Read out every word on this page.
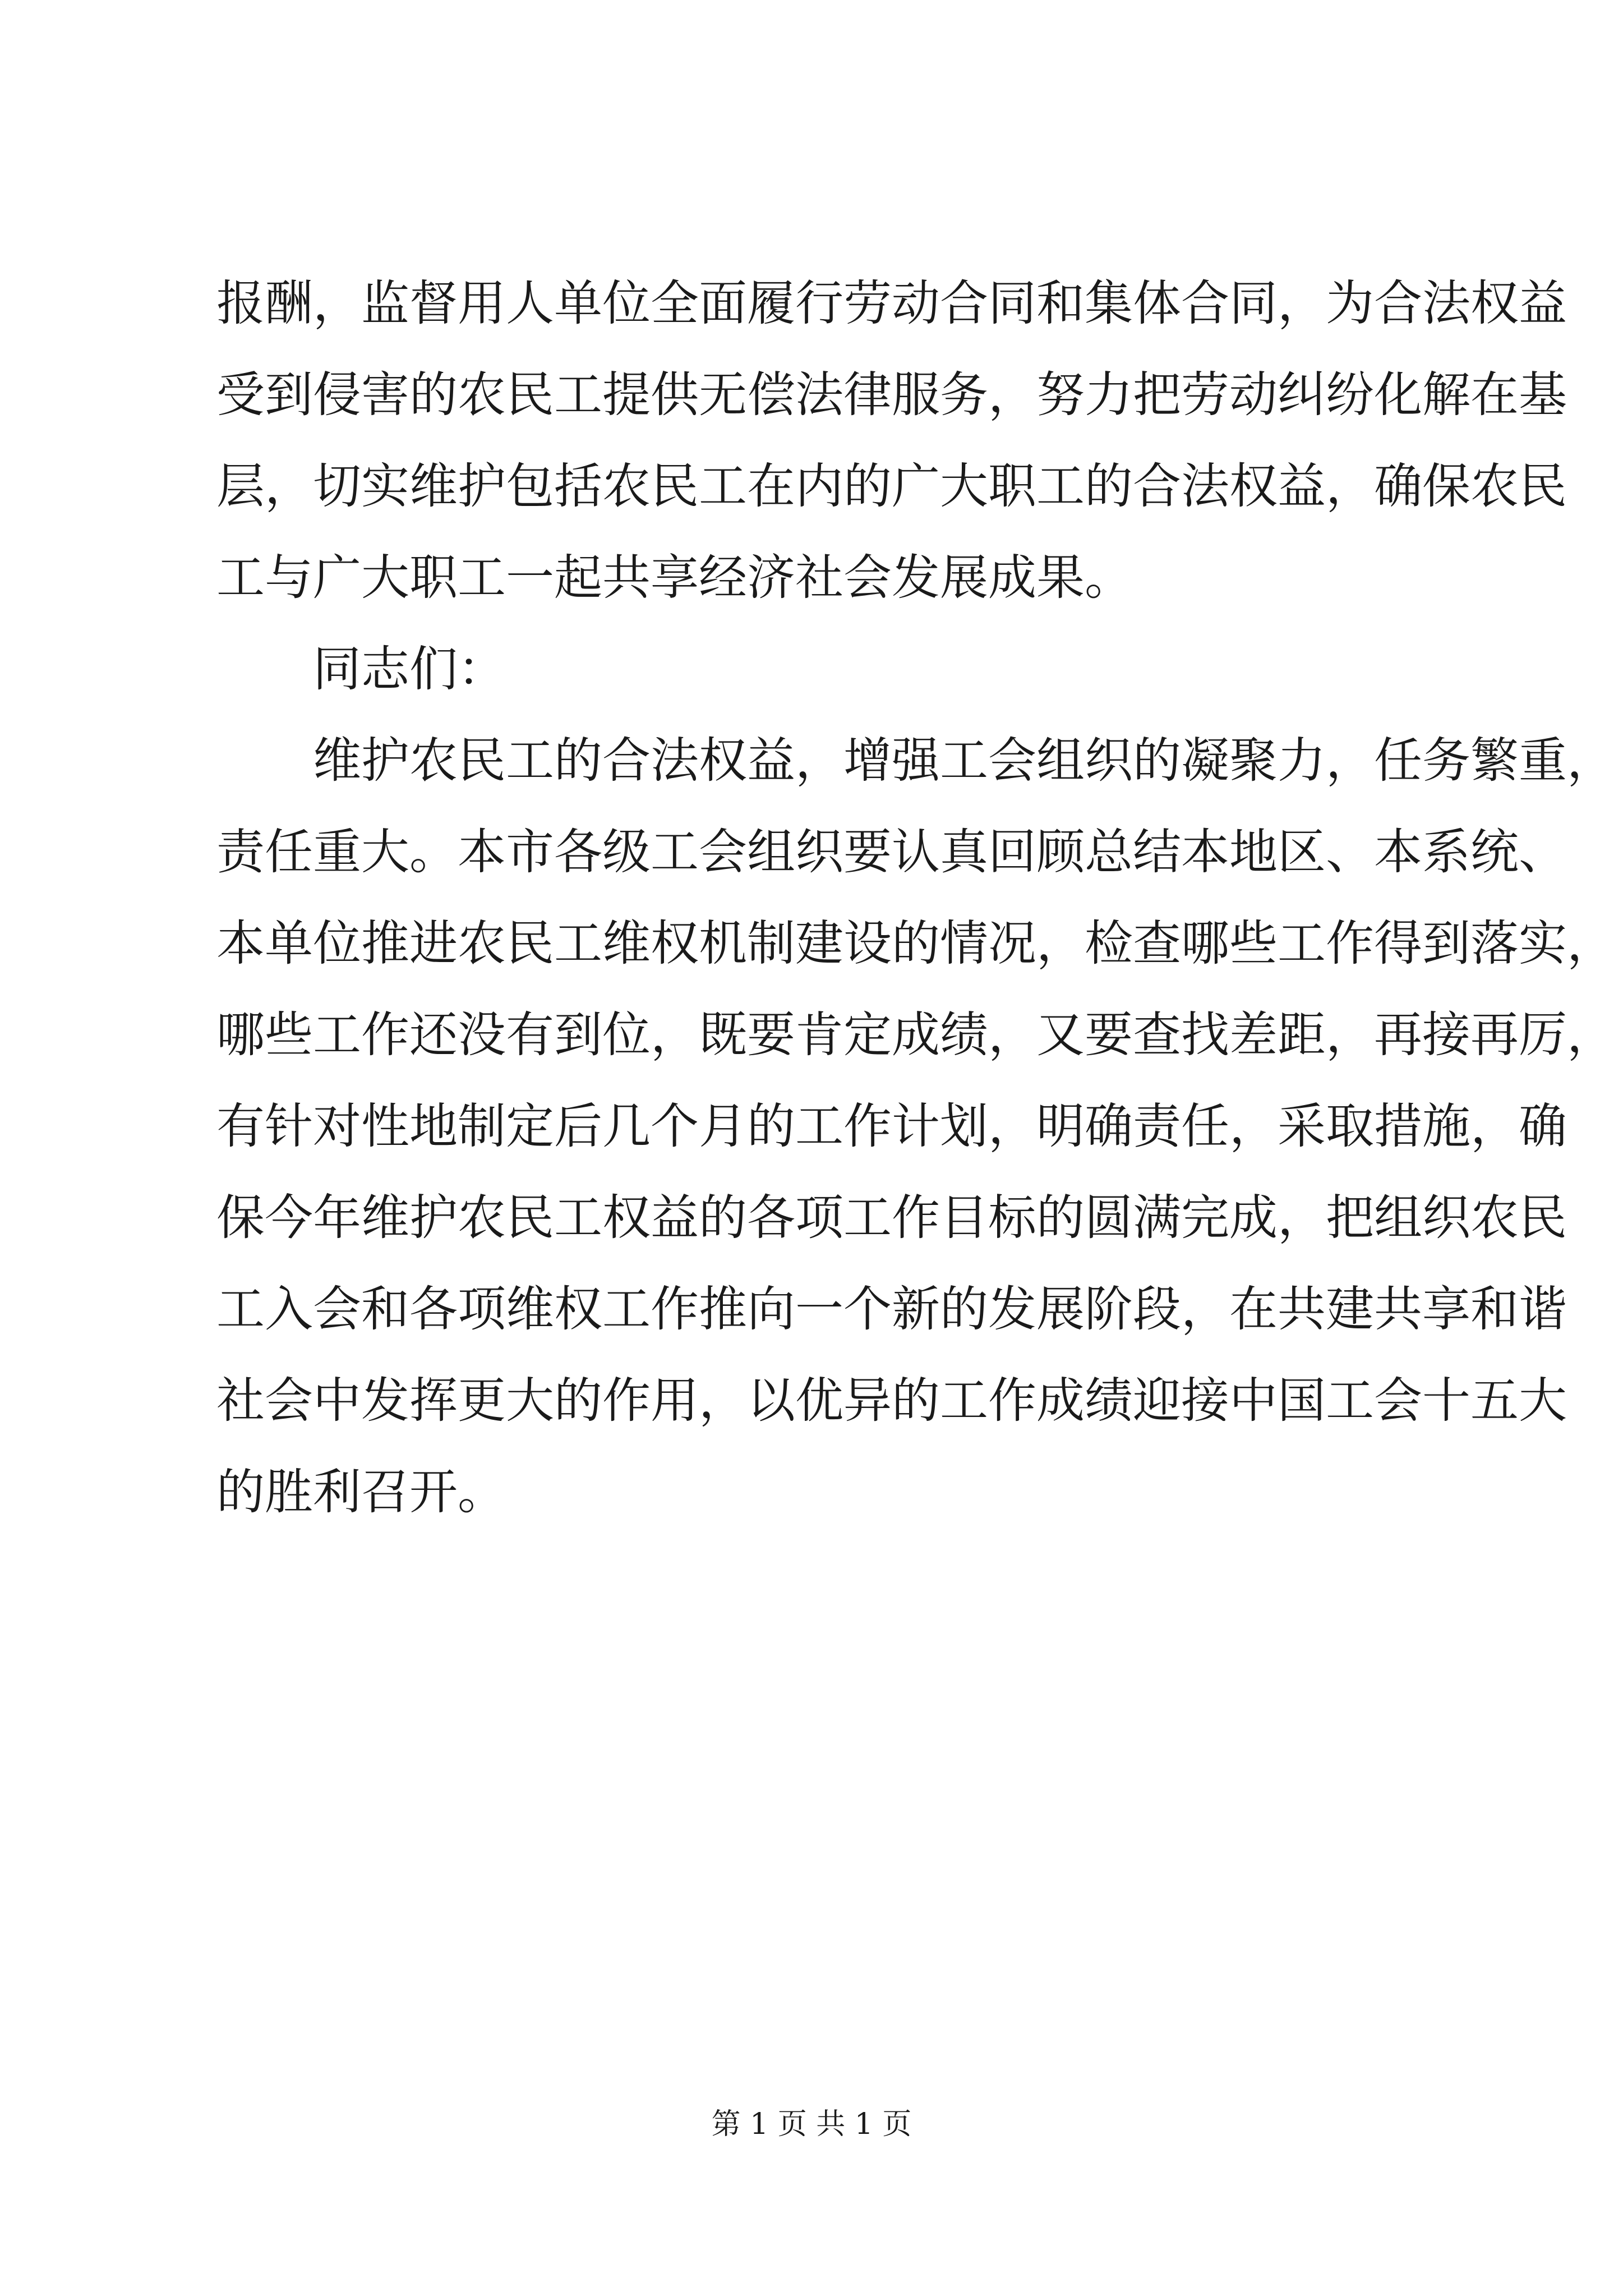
报酬，监督用人单位全面履行劳动合同和集体合同，为合法权益
受到侵害的农民工提供无偿法律服务，努力把劳动纠纷化解在基
层，切实维护包括农民工在内的广大职工的合法权益，确保农民
工与广大职工一起共享经济社会发展成果。
同志们：
维护农民工的合法权益，增强工会组织的凝聚力，任务繁重，
责任重大。本市各级工会组织要认真回顾总结本地区、本系统、
本单位推进农民工维权机制建设的情况，检查哪些工作得到落实，
哪些工作还没有到位，既要肯定成绩，又要查找差距，再接再厉，
有针对性地制定后几个月的工作计划，明确责任，采取措施，确
保今年维护农民工权益的各项工作目标的圆满完成，把组织农民
工入会和各项维权工作推向一个新的发展阶段，在共建共享和谐
社会中发挥更大的作用，以优异的工作成绩迎接中国工会十五大
的胜利召开。
第 1 页 共 1 页
